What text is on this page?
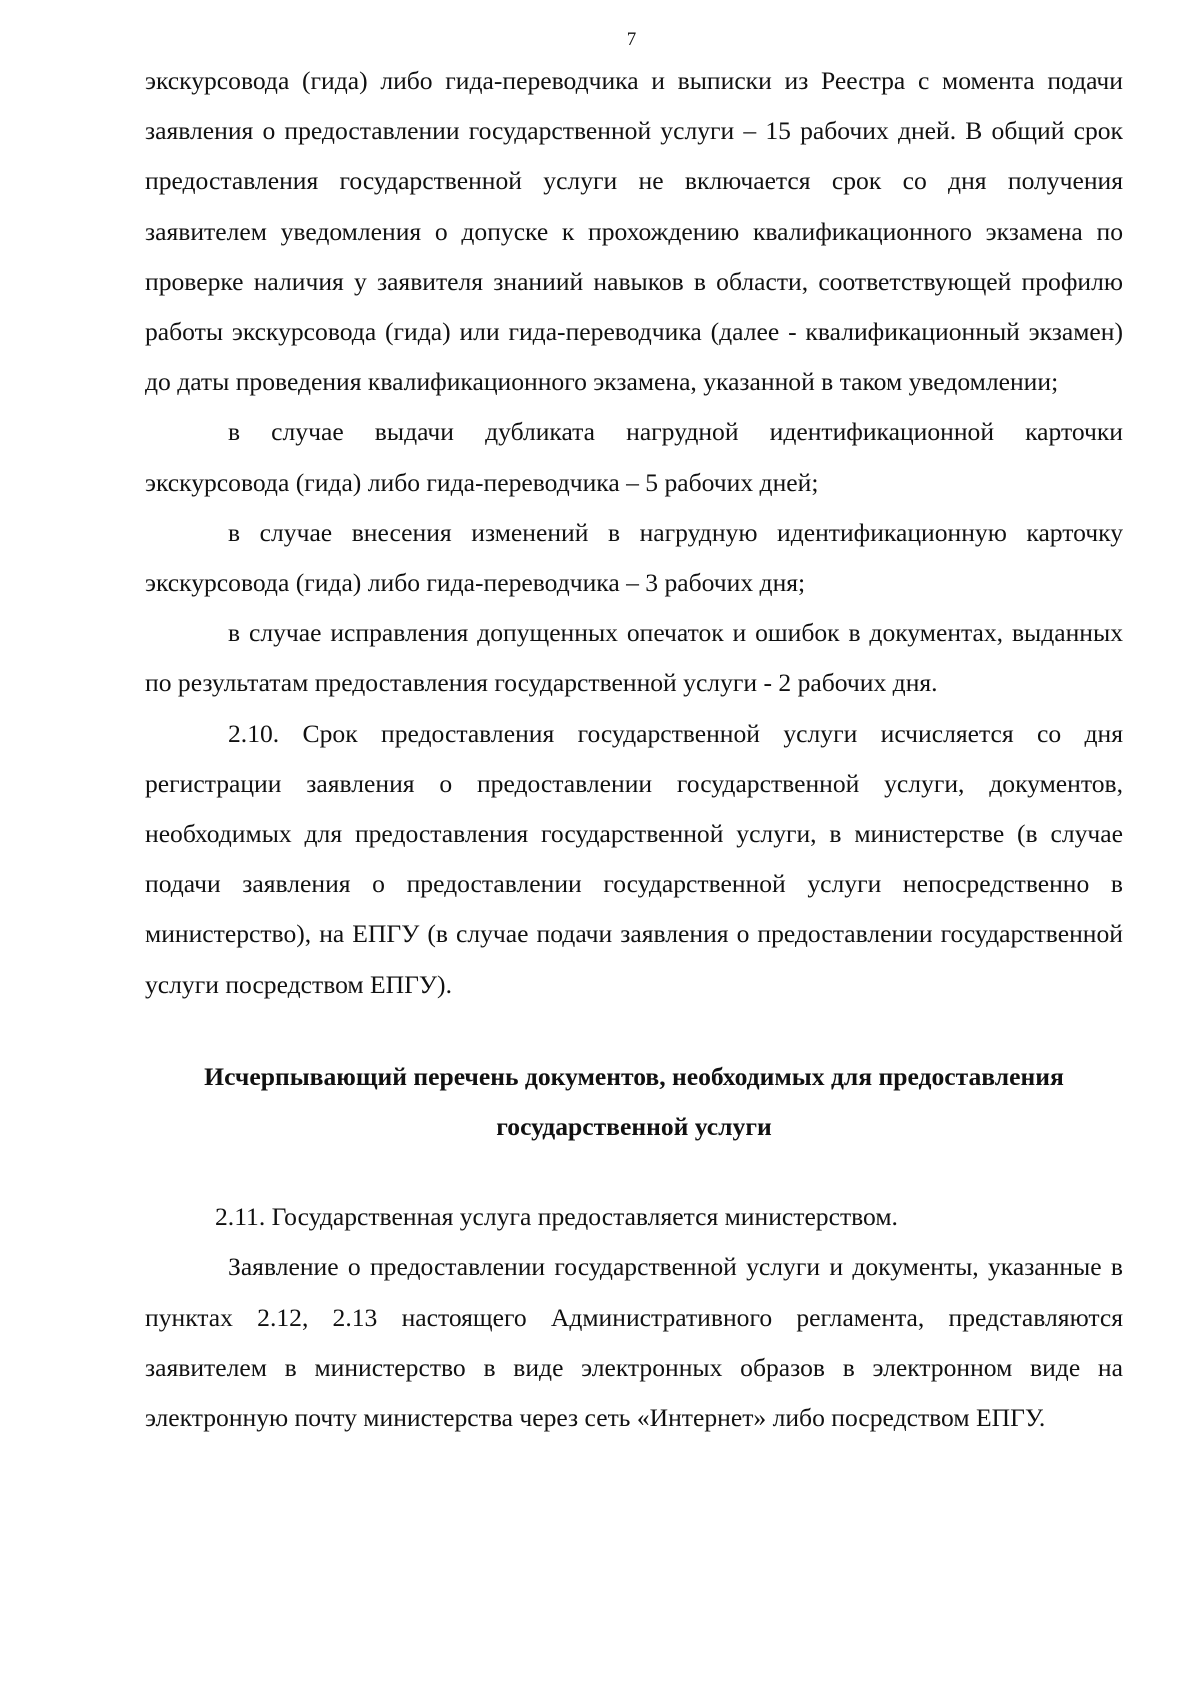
7

экскурсовода (гида) либо гида-переводчика и выписки из Реестра с момента подачи заявления о предоставлении государственной услуги – 15 рабочих дней. В общий срок предоставления государственной услуги не включается срок со дня получения заявителем уведомления о допуске к прохождению квалификационного экзамена по проверке наличия у заявителя знаниий навыков в области, соответствующей профилю работы экскурсовода (гида) или гида-переводчика (далее - квалификационный экзамен) до даты проведения квалификационного экзамена, указанной в таком уведомлении;

в случае выдачи дубликата нагрудной идентификационной карточки экскурсовода (гида) либо гида-переводчика – 5 рабочих дней;

в случае внесения изменений в нагрудную идентификационную карточку экскурсовода (гида) либо гида-переводчика – 3 рабочих дня;

в случае исправления допущенных опечаток и ошибок в документах, выданных по результатам предоставления государственной услуги - 2 рабочих дня.

2.10. Срок предоставления государственной услуги исчисляется со дня регистрации заявления о предоставлении государственной услуги, документов, необходимых для предоставления государственной услуги, в министерстве (в случае подачи заявления о предоставлении государственной услуги непосредственно в министерство), на ЕПГУ (в случае подачи заявления о предоставлении государственной услуги посредством ЕПГУ).

Исчерпывающий перечень документов, необходимых для предоставления

государственной услуги

2.11. Государственная услуга предоставляется министерством.

Заявление о предоставлении государственной услуги и документы, указанные в пунктах 2.12, 2.13 настоящего Административного регламента, представляются заявителем в министерство в виде электронных образов в электронном виде на электронную почту министерства через сеть «Интернет» либо посредством ЕПГУ.
